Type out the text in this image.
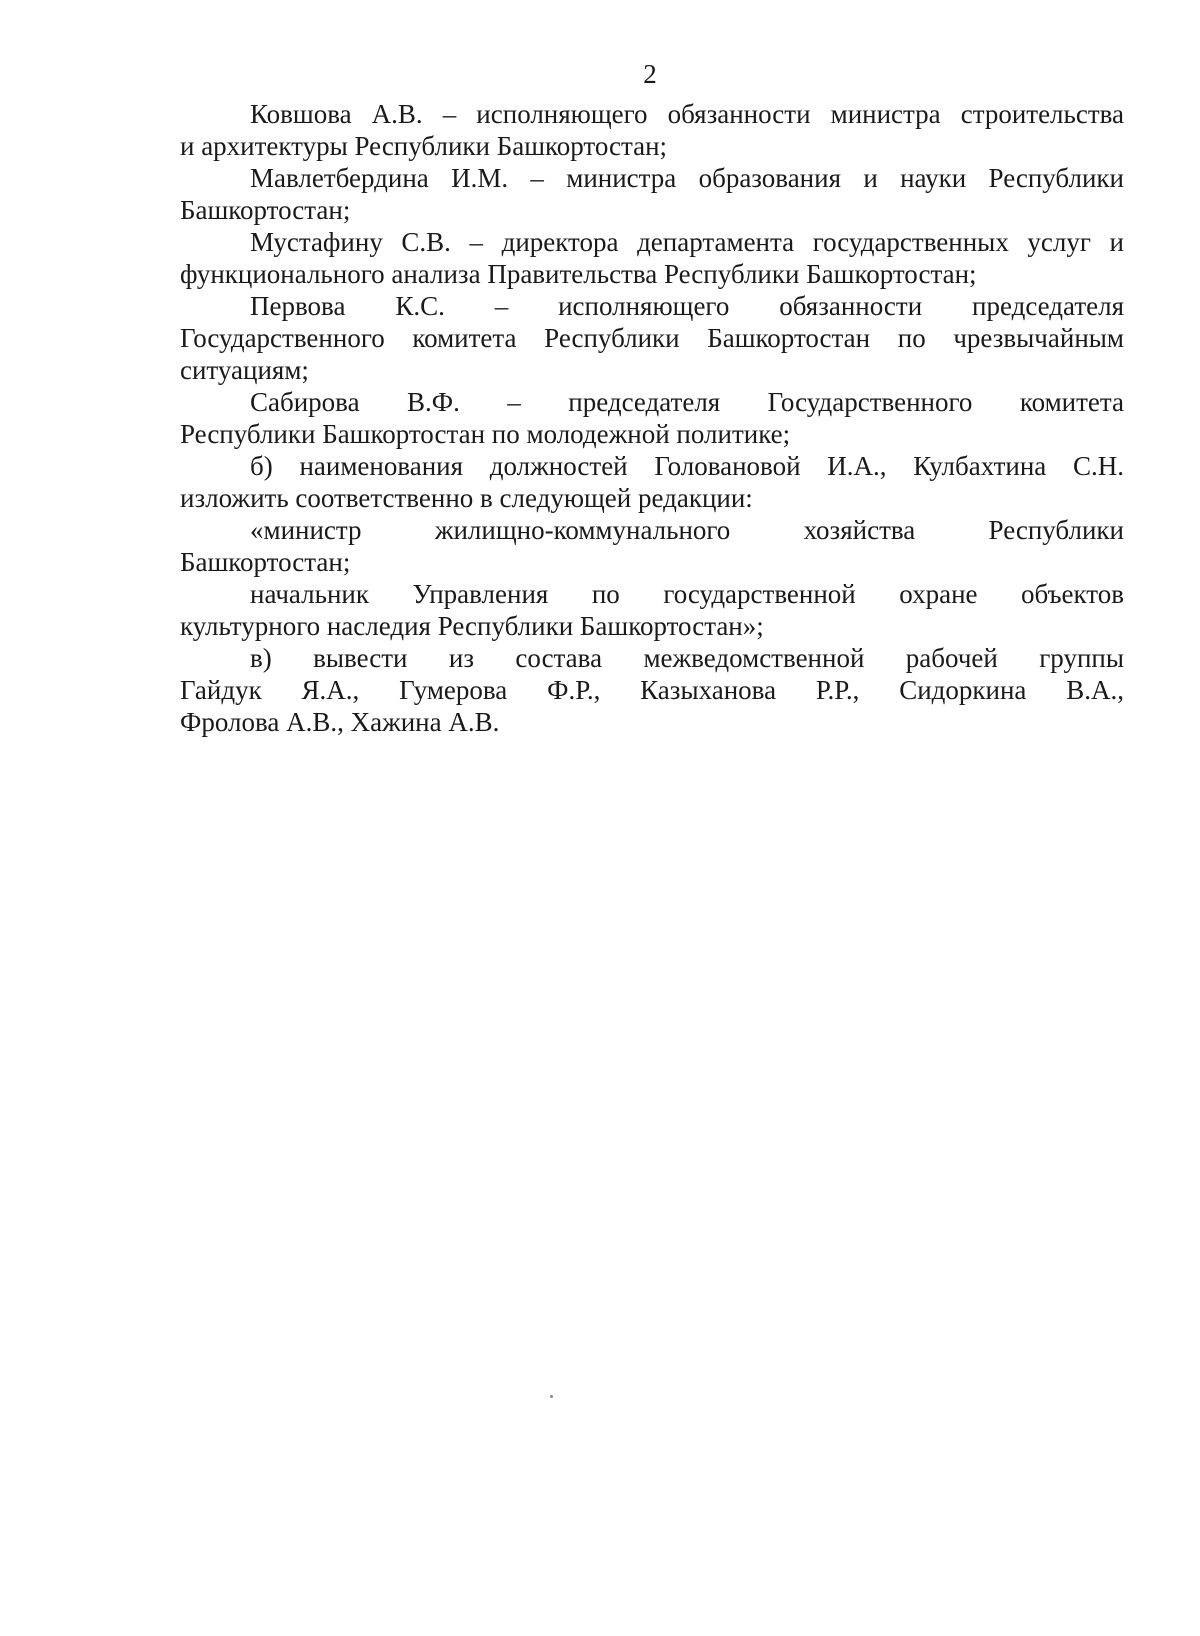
2
Ковшова А.В. – исполняющего обязанности министра строительства
и архитектуры Республики Башкортостан;
Мавлетбердина И.М. – министра образования и науки Республики
Башкортостан;
Мустафину С.В. – директора департамента государственных услуг и
функционального анализа Правительства Республики Башкортостан;
Первова К.С. – исполняющего обязанности председателя
Государственного комитета Республики Башкортостан по чрезвычайным
ситуациям;
Сабирова В.Ф. – председателя Государственного комитета
Республики Башкортостан по молодежной политике;
б) наименования должностей Головановой И.А., Кулбахтина С.Н.
изложить соответственно в следующей редакции:
«министр жилищно-коммунального хозяйства Республики
Башкортостан;
начальник Управления по государственной охране объектов
культурного наследия Республики Башкортостан»;
в) вывести из состава межведомственной рабочей группы
Гайдук Я.А., Гумерова Ф.Р., Казыханова Р.Р., Сидоркина В.А.,
Фролова А.В., Хажина А.В.
